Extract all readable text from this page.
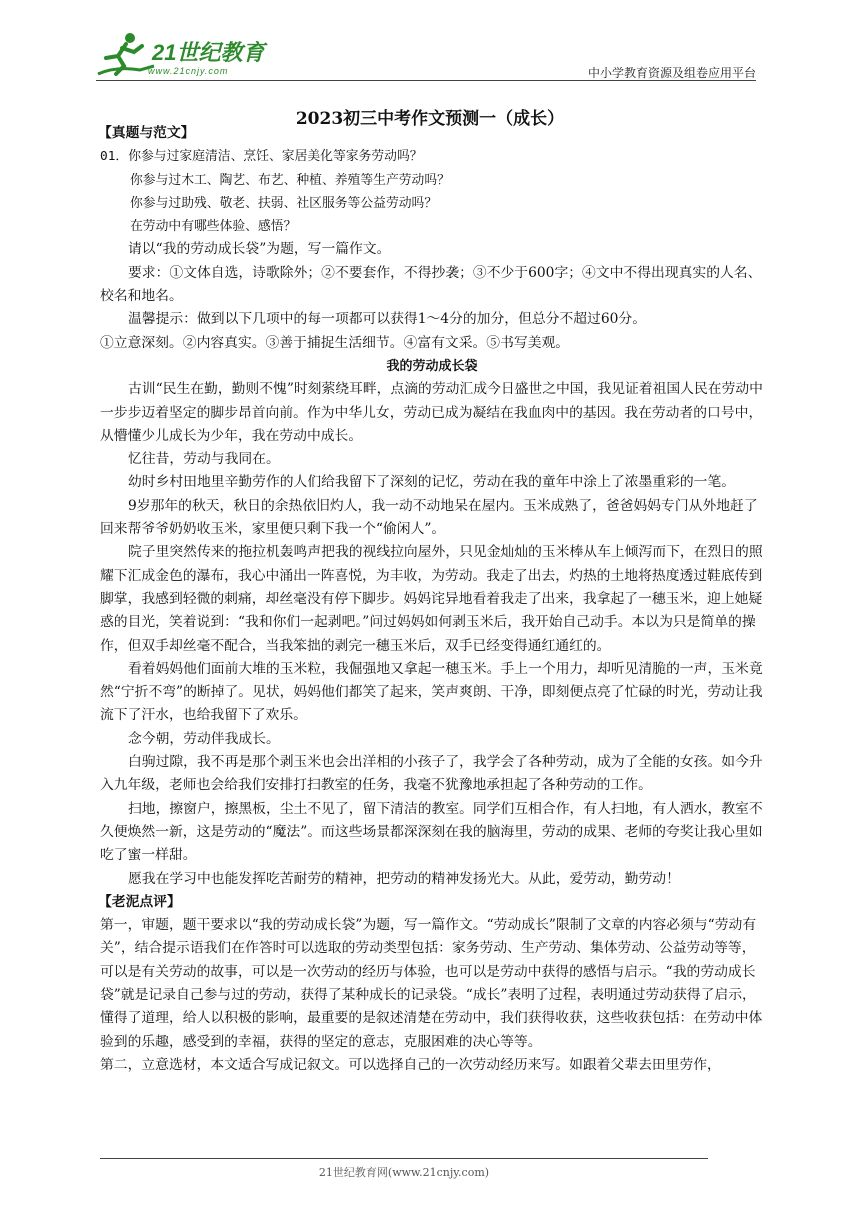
21世纪教育
www.21cnjy.com	中小学教育资源及组卷应用平台
2023初三中考作文预测一（成长）

【真题与范文】

01．你参与过家庭清洁、烹饪、家居美化等家务劳动吗？

你参与过木工、陶艺、布艺、种植、养殖等生产劳动吗？

你参与过助残、敬老、扶弱、社区服务等公益劳动吗？

在劳动中有哪些体验、感悟？

请以“我的劳动成长袋”为题，写一篇作文。

要求：①文体自选，诗歌除外；②不要套作，不得抄袭；③不少于600字；④文中不得出现真实的人名、校名和地名。

温馨提示：做到以下几项中的每一项都可以获得1～4分的加分，但总分不超过60分。

①立意深刻。②内容真实。③善于捕捉生活细节。④富有文采。⑤书写美观。

我的劳动成长袋

古训“民生在勤，勤则不愧”时刻萦绕耳畔，点滴的劳动汇成今日盛世之中国，我见证着祖国人民在劳动中一步步迈着坚定的脚步昂首向前。作为中华儿女，劳动已成为凝结在我血肉中的基因。我在劳动者的口号中，从懵懂少儿成长为少年，我在劳动中成长。

忆往昔，劳动与我同在。

幼时乡村田地里辛勤劳作的人们给我留下了深刻的记忆，劳动在我的童年中涂上了浓墨重彩的一笔。

9岁那年的秋天，秋日的余热依旧灼人，我一动不动地呆在屋内。玉米成熟了，爸爸妈妈专门从外地赶了回来帮爷爷奶奶收玉米，家里便只剩下我一个“偷闲人”。

院子里突然传来的拖拉机轰鸣声把我的视线拉向屋外，只见金灿灿的玉米棒从车上倾泻而下，在烈日的照耀下汇成金色的瀑布，我心中涌出一阵喜悦，为丰收，为劳动。我走了出去，灼热的土地将热度透过鞋底传到脚掌，我感到轻微的刺痛，却丝毫没有停下脚步。妈妈诧异地看着我走了出来，我拿起了一穗玉米，迎上她疑惑的目光，笑着说到：“我和你们一起剥吧。”问过妈妈如何剥玉米后，我开始自己动手。本以为只是简单的操作，但双手却丝毫不配合，当我笨拙的剥完一穗玉米后，双手已经变得通红通红的。

看着妈妈他们面前大堆的玉米粒，我倔强地又拿起一穗玉米。手上一个用力，却听见清脆的一声，玉米竟然“宁折不弯”的断掉了。见状，妈妈他们都笑了起来，笑声爽朗、干净，即刻便点亮了忙碌的时光，劳动让我流下了汗水，也给我留下了欢乐。

念今朝，劳动伴我成长。

白驹过隙，我不再是那个剥玉米也会出洋相的小孩子了，我学会了各种劳动，成为了全能的女孩。如今升入九年级，老师也会给我们安排打扫教室的任务，我毫不犹豫地承担起了各种劳动的工作。

扫地，擦窗户，擦黑板，尘土不见了，留下清洁的教室。同学们互相合作，有人扫地，有人洒水，教室不久便焕然一新，这是劳动的“魔法”。而这些场景都深深刻在我的脑海里，劳动的成果、老师的夸奖让我心里如吃了蜜一样甜。

愿我在学习中也能发挥吃苦耐劳的精神，把劳动的精神发扬光大。从此，爱劳动，勤劳动！

【老泥点评】

第一，审题，题干要求以“我的劳动成长袋”为题，写一篇作文。“劳动成长”限制了文章的内容必须与“劳动有关”，结合提示语我们在作答时可以选取的劳动类型包括：家务劳动、生产劳动、集体劳动、公益劳动等等，可以是有关劳动的故事，可以是一次劳动的经历与体验，也可以是劳动中获得的感悟与启示。“我的劳动成长袋”就是记录自己参与过的劳动，获得了某种成长的记录袋。“成长”表明了过程，表明通过劳动获得了启示，懂得了道理，给人以积极的影响，最重要的是叙述清楚在劳动中，我们获得收获，这些收获包括：在劳动中体验到的乐趣，感受到的幸福，获得的坚定的意志，克服困难的决心等等。

第二，立意选材，本文适合写成记叙文。可以选择自己的一次劳动经历来写。如跟着父辈去田里劳作，

21世纪教育网(www.21cnjy.com)
